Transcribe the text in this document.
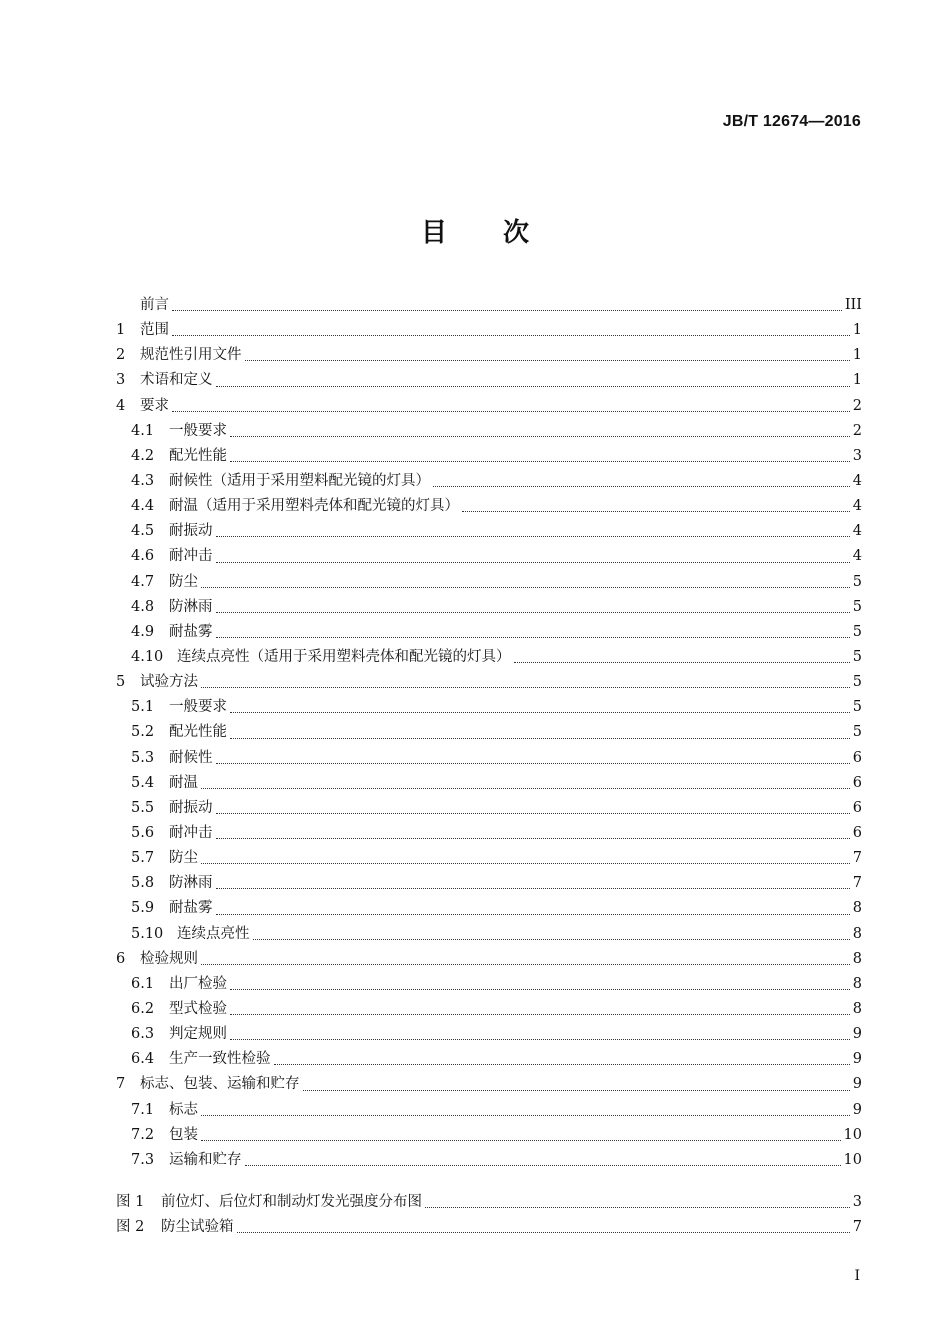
JB/T 12674—2016
目次
前言	III
1	范围	1
2	规范性引用文件	1
3	术语和定义	1
4	要求	2
4.1	一般要求	2
4.2	配光性能	3
4.3	耐候性（适用于采用塑料配光镜的灯具）	4
4.4	耐温（适用于采用塑料壳体和配光镜的灯具）	4
4.5	耐振动	4
4.6	耐冲击	4
4.7	防尘	5
4.8	防淋雨	5
4.9	耐盐雾	5
4.10 连续点亮性（适用于采用塑料壳体和配光镜的灯具）	5
5	试验方法	5
5.1	一般要求	5
5.2	配光性能	5
5.3	耐候性	6
5.4	耐温	6
5.5	耐振动	6
5.6	耐冲击	6
5.7	防尘	7
5.8	防淋雨	7
5.9	耐盐雾	8
5.10 连续点亮性	8
6	检验规则	8
6.1	出厂检验	8
6.2	型式检验	8
6.3	判定规则	9
6.4	生产一致性检验	9
7	标志、包装、运输和贮存	9
7.1	标志	9
7.2	包装	10
7.3	运输和贮存	10
图 1	前位灯、后位灯和制动灯发光强度分布图	3
图 2	防尘试验箱	7
I
